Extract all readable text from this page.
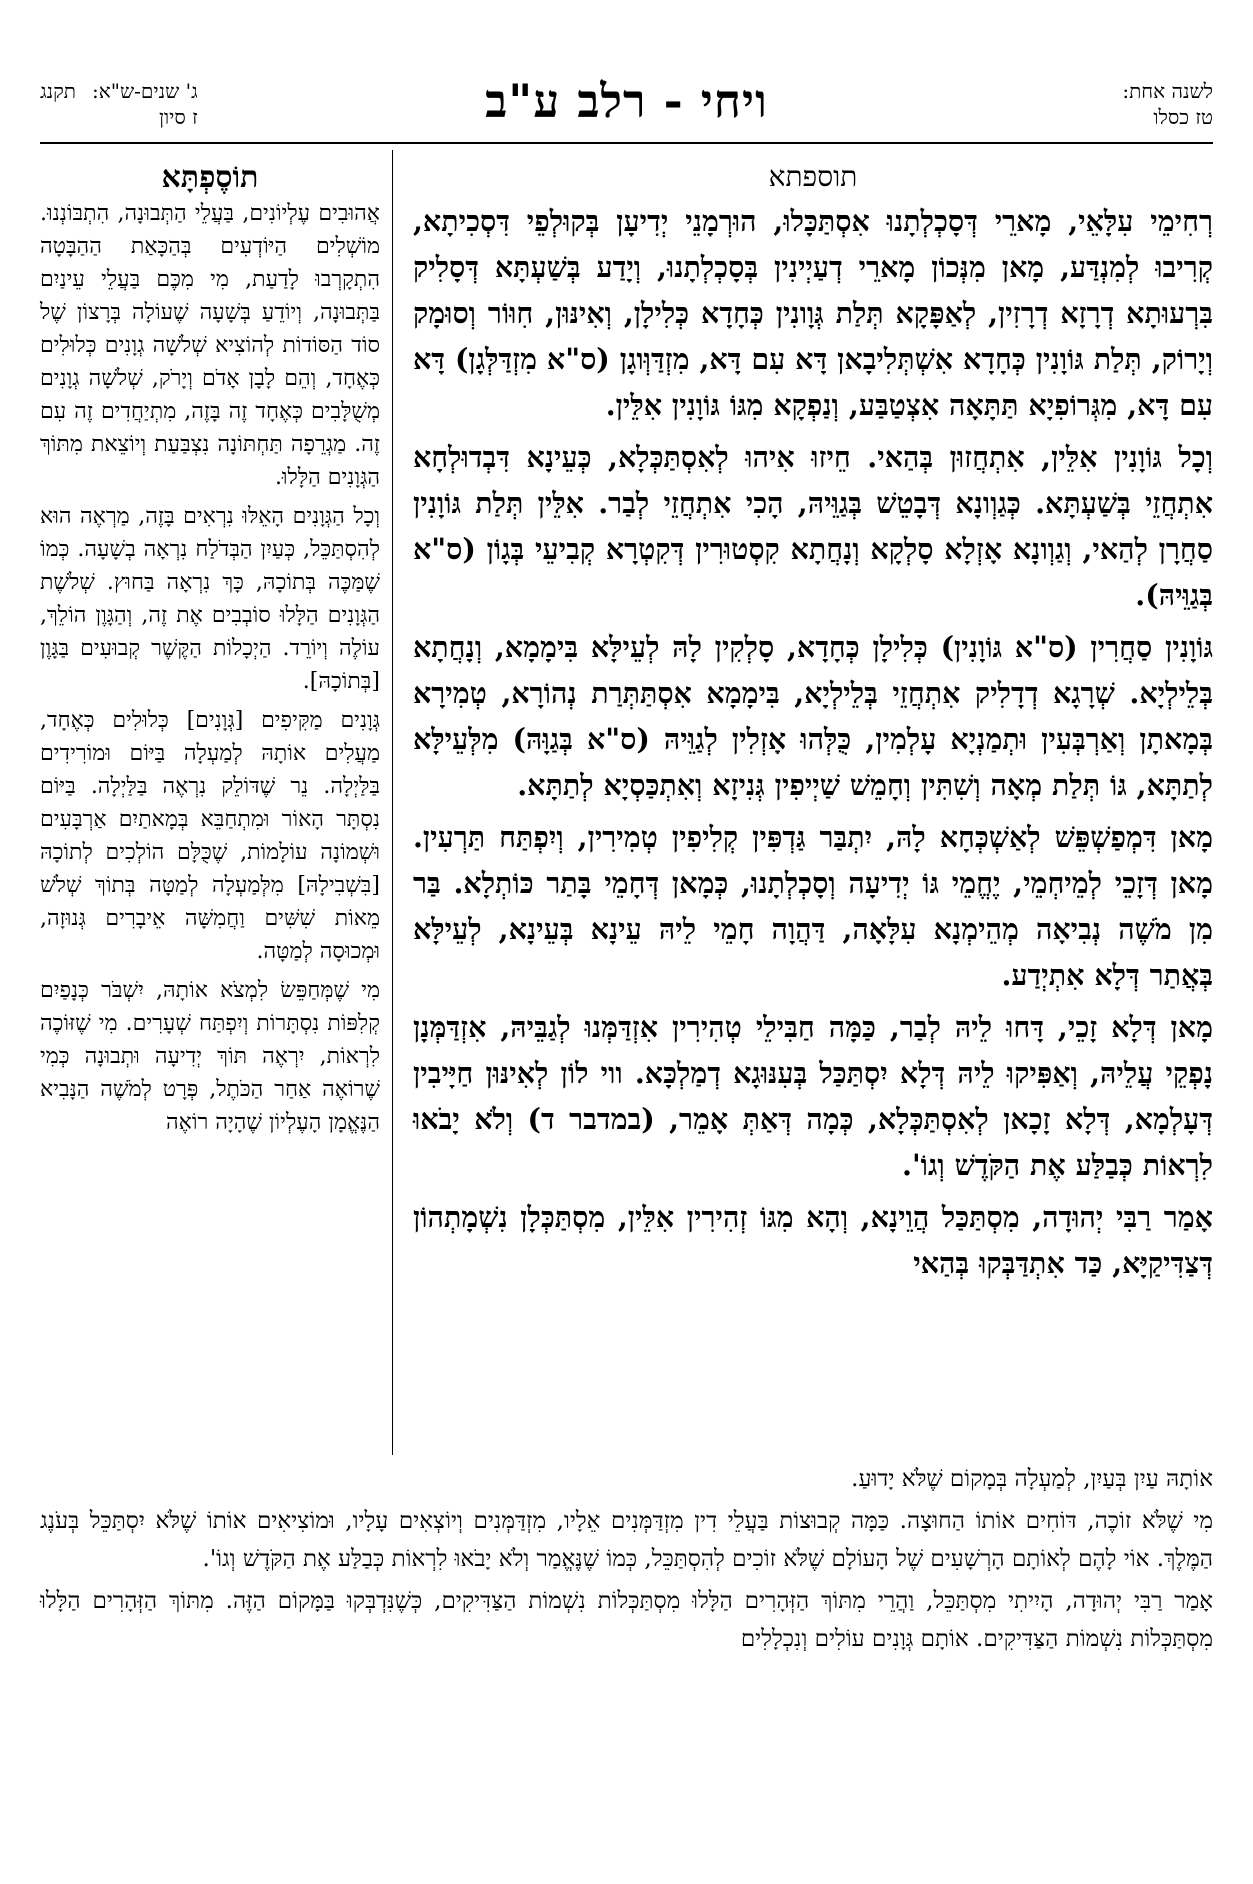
לשנה אחת:
טז כסלו
ויחי - רלב ע"ב
ג' שנים-ש"א:
תקנג
ז סיון
תוספתא

רְחִימֵי עִלָּאֵי, מָארֵי דְּסָכְלְתָנוּ אִסְתַּכָּלוּ, הוּרְמָנֵי יְדִיעָן בְּקוּלְפֵי דִּסְכִיתָא, קְרִיבוּ לְמִנְדַּע, מָאן מִנְּכוֹן מָארֵי דְעַיְינִין בְּסָכְלְתָנוּ, וְיָדַע בְּשַׁעְתָּא דְּסָלִיק בִּרְעוּתָא דְרָזָא דְרָזִין, לְאַפָּקָא תְּלַת גְּוָונִין כְּחָדָא כְּלִילָן, וְאִינּוּן, חִוּוֹר וְסוּמָק וְיָרוֹק, תְּלַת גּוֹוָנִין כְּחָדָא אִשְׁתְּלִיבָאן דָּא עִם דָּא, מִזְדַּוְּוגָן (ס"א מִזְדַּלְּגָן) דָּא עִם דָּא, מִגְּרוֹפִיָא תַּתָּאָה אִצְטַבַּע, וְנַפְקָא מִגּוֹ גּוֹוָנִין אִלֵּין.

וְכָל גּוֹוָנִין אִלֵּין, אִתְחֲזוּן בְּהַאי. חֵיזוּ אִיהוּ לְאִסְתַּכְּלָא, כְּעֵינָא דִּבְדוּלְחָא אִתְחֲזֵי בְּשַׁעְתָּא. כְּגַוְונָא דְּבָטֵשׁ בְּגַוֵּיהּ, הָכִי אִתְחֲזֵי לְבַר. אִלֵּין תְּלַת גּוֹוָנִין סַחֲרָן לְהַאי, וְגַוְונָא אָזְלָא סָלְקָא וְנָחֲתָא קִסְטוּרִין דְּקִטְרָא קְבִיעֵי בְּגָוֹן (ס"א בְּגַוֵּיהּ).

גּוֹוָנִין סַחֲרִין (ס"א גּוֹוָנִין) כְּלִילָן כְּחָדָא, סָלְקִין לָהּ לְעֵילָּא בִּימָמָא, וְנָחֲתָא בְּלֵילְיָא. שְׁרָגָא דְדָלִיק אִתְחֲזֵי בְּלֵילְיָא, בִּימָמָא אִסְתַּתְּרַת נְהוֹרָא, טְמִירָא בְּמָאתָן וְאַרְבְּעִין וּתְמַנְיָא עָלְמִין, כֻּלְּהוּ אָזְלִין לְגַוֵּיהּ (ס"א בְּגַוָּהּ) מִלְּעֵילָּא לְתַתָּא, גּוֹ תְּלַת מְאָה וְשִׁתִּין וְחָמֵשׁ שַׁיְיפִין גְּנִיזָא וְאִתְכַּסְיָא לְתַתָּא.

מָאן דִּמְפַשְׁפֵּשׁ לְאַשְׁכְּחָא לָהּ, יִתְבַּר גַּדְפִּין קְלִיפִין טְמִירִין, וְיִפְתַּח תַּרְעִין. מָאן דְּזָכֵי לְמֵיחְמֵי, יֶחֱמֵי גּוֹ יְדִיעָה וְסָכְלְתָנוּ, כְּמָאן דְּחָמֵי בָּתַר כּוֹתְלָא. בַּר מִן מֹשֶׁה נְבִיאָה מְהֵימְנָא עִלָּאָה, דַּהֲוָה חָמֵי לֵיהּ עֵינָא בְּעֵינָא, לְעֵילָּא בְּאֲתַר דְּלָא אִתְיְדַע.

מָאן דְּלָא זָכֵי, דָּחוּ לֵיהּ לְבַר, כַּמָּה חַבִּילֵי טְהִירִין אִזְדַּמְּנוּ לְגַבֵּיהּ, אִזְדַּמְּנָן נָפְקֵי עֲלֵיהּ, וְאַפִּיקוּ לֵיהּ דְּלָא יִסְתַּכַּל בְּעִנּוּגָא דְמַלְכָּא. ווי לוֹן לְאִינּוּן חַיָּיבִין דְּעָלְמָא, דְּלָא זָכָאן לְאִסְתַּכְּלָא, כְּמָה דְּאַתְּ אָמֵר, (במדבר ד) וְלֹא יָבֹאוּ לִרְאוֹת כְּבַלַּע אֶת הַקֹּדֶשׁ וְגוֹ'.

אָמַר רַבִּי יְהוּדָה, מִסְתַּכַּל הֲוֵינָא, וְהָא מִגּוֹ זְהִירִין אִלֵּין, מִסְתַּכְּלָן נִשְׁמָתְהוֹן דְּצַדִּיקַיָּא, כַּד אִתְדַּבְּקוּ בְּהַאי

תוֹסֶפְתָּא

אֲהוּבִים עֶלְיוֹנִים, בַּעֲלֵי הַתְּבוּנָה, הִתְבּוֹנְנוּ. מוֹשְׁלִים הַיּוֹדְעִים בְּהַכָּאַת הַהַבָּטָה הִתְקָרְבוּ לָדַעַת, מִי מִכֶּם בַּעֲלֵי עֵינַיִם בַּתְּבוּנָה, וְיוֹדֵעַ בְּשָׁעָה שֶׁעוֹלָה בְּרָצוֹן שֶׁל סוֹד הַסּוֹדוֹת לְהוֹצִיא שְׁלֹשָׁה גְוָנִים כְּלוּלִים כְּאֶחָד, וְהֵם לָבָן אָדֹם וְיָרֹק, שְׁלֹשָׁה גְוָנִים מְשֻׁלָּבִים כְּאֶחָד זֶה בָּזֶה, מִתְיַחֲדִים זֶה עִם זֶה. מַגְרֵפָה תַּחְתּוֹנָה נִצְבַּעַת וְיוֹצֵאת מִתּוֹךְ הַגְּוָנִים הַלָּלוּ.

וְכָל הַגְּוָנִים הָאֵלּוּ נִרְאִים בָּזֶה, מַרְאֶה הוּא לְהִסְתַּכֵּל, כְּעַיִן הַבְּדֹלַח נִרְאָה בְשָׁעָה. כְּמוֹ שֶׁמַּכֶּה בְּתוֹכָהּ, כָּךְ נִרְאָה בַּחוּץ. שְׁלֹשֶׁת הַגְּוָנִים הַלָּלוּ סוֹבְבִים אֶת זֶה, וְהַגָּוֶן הוֹלֵךְ, עוֹלֶה וְיוֹרֵד. הַיְכָלוֹת הַקֶּשֶׁר קְבוּעִים בַּגָּוֶן [בְּתוֹכָהּ].

גְּוָנִים מַקִּיפִים [גְּוָנִים] כְּלוּלִים כְּאֶחָד, מַעֲלִים אוֹתָהּ לְמַעְלָה בַּיּוֹם וּמוֹרִידִים בַּלַּיְלָה. נֵר שֶׁדּוֹלֵק נִרְאֶה בַּלַּיְלָה. בַּיּוֹם נִסְתָּר הָאוֹר וּמִתְחַבֵּא בְּמָאתַיִם אַרְבָּעִים וּשְׁמוֹנָה עוֹלָמוֹת, שֶׁכֻּלָּם הוֹלְכִים לְתוֹכָהּ [בִּשְׁבִילָהּ] מִלְּמַעְלָה לְמַטָּה בְּתוֹךְ שְׁלֹשׁ מֵאוֹת שִׁשִּׁים וַחֲמִשָּׁה אֵיבָרִים גְּנוּזָה, וּמְכוּסָה לְמַטָּה.

מִי שֶׁמְּחַפֵּשׂ לִמְצֹא אוֹתָהּ, יִשְׁבֹּר כְּנָפַיִם קְלִפּוֹת נִסְתָּרוֹת וְיִפְתַּח שְׁעָרִים. מִי שֶׁזּוֹכֶה לִרְאוֹת, יִרְאֶה תּוֹךְ יְדִיעָה וּתְבוּנָה כְּמִי שֶׁרוֹאֶה אַחַר הַכֹּתֶל, פְּרָט לְמֹשֶׁה הַנָּבִיא הַנֶּאֱמָן הָעֶלְיוֹן שֶׁהָיָה רוֹאֶה

אוֹתָהּ עַיִן בְּעַיִן, לְמַעְלָה בְּמָקוֹם שֶׁלֹּא יָדוּעַ.

מִי שֶׁלֹּא זוֹכֶה, דּוֹחִים אוֹתוֹ הַחוּצָה. כַּמָּה קְבוּצוֹת בַּעֲלֵי דִין מִזְדַּמְּנִים אֵלָיו, מִזְדַּמְּנִים וְיוֹצְאִים עָלָיו, וּמוֹצִיאִים אוֹתוֹ שֶׁלֹּא יִסְתַּכֵּל בְּעֹנֶג הַמֶּלֶךְ. אוֹי לָהֶם לְאוֹתָם הָרְשָׁעִים שֶׁל הָעוֹלָם שֶׁלֹּא זוֹכִים לְהִסְתַּכֵּל, כְּמוֹ שֶׁנֶּאֱמַר וְלֹא יָבֹאוּ לִרְאוֹת כְּבַלַּע אֶת הַקֹּדֶשׁ וְגוֹ'.

אָמַר רַבִּי יְהוּדָה, הָיִיתִי מִסְתַּכֵּל, וַהֲרֵי מִתּוֹךְ הַזְּהָרִים הַלָּלוּ מִסְתַּכְּלוֹת נִשְׁמוֹת הַצַּדִּיקִים, כְּשֶׁנִּדְבְּקוּ בַּמָּקוֹם הַזֶּה. מִתּוֹךְ הַזְּהָרִים הַלָּלוּ מִסְתַּכְּלוֹת נִשְׁמוֹת הַצַּדִּיקִים. אוֹתָם גְּוָנִים עוֹלִים וְנִכְלָלִים
